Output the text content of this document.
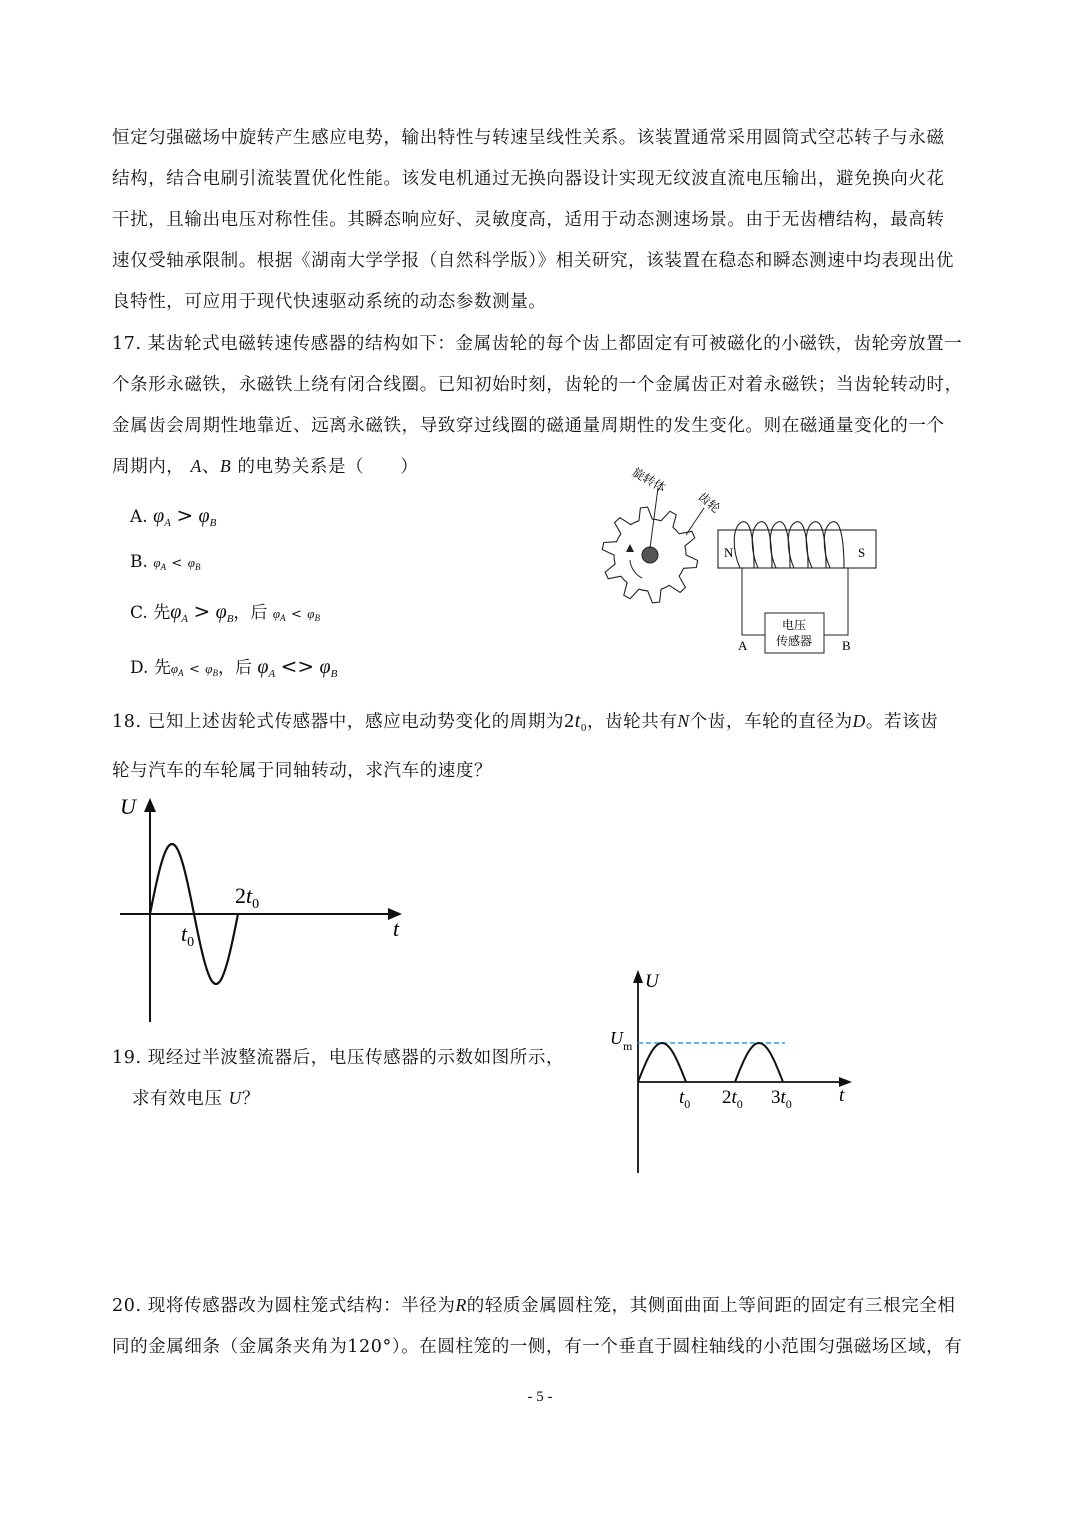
恒定匀强磁场中旋转产生感应电势，输出特性与转速呈线性关系。该装置通常采用圆筒式空芯转子与永磁
结构，结合电刷引流装置优化性能。该发电机通过无换向器设计实现无纹波直流电压输出，避免换向火花
干扰，且输出电压对称性佳。其瞬态响应好、灵敏度高，适用于动态测速场景。由于无齿槽结构，最高转
速仅受轴承限制。根据《湖南大学学报（自然科学版）》相关研究，该装置在稳态和瞬态测速中均表现出优
良特性，可应用于现代快速驱动系统的动态参数测量。
17. 某齿轮式电磁转速传感器的结构如下：金属齿轮的每个齿上都固定有可被磁化的小磁铁，齿轮旁放置一
个条形永磁铁，永磁铁上绕有闭合线圈。已知初始时刻，齿轮的一个金属齿正对着永磁铁；当齿轮转动时，
金属齿会周期性地靠近、远离永磁铁，导致穿过线圈的磁通量周期性的发生变化。则在磁通量变化的一个
周期内， A、B 的电势关系是（　　）
A. $\varphi_A > \varphi_B$
B. φA < φB
C. 先$\varphi_A > \varphi_B$，后 φA < φB
D. 先φA < φB，后 $\varphi_A <> \varphi_B$
旋转体
齿轮
N	S
电压
传感器
A	B
18. 已知上述齿轮式传感器中，感应电动势变化的周期为$2t_0$，齿轮共有N个齿，车轮的直径为D。若该齿
轮与汽车的车轮属于同轴转动，求汽车的速度？
U
t
$t_0$
$2t_0$
19. 现经过半波整流器后，电压传感器的示数如图所示，
求有效电压 U？
U
t
$U_m$
$t_0$ $2t_0$ $3t_0$
20. 现将传感器改为圆柱笼式结构：半径为R的轻质金属圆柱笼，其侧面曲面上等间距的固定有三根完全相
同的金属细条（金属条夹角为120°）。在圆柱笼的一侧，有一个垂直于圆柱轴线的小范围匀强磁场区域，有
- 5 -
